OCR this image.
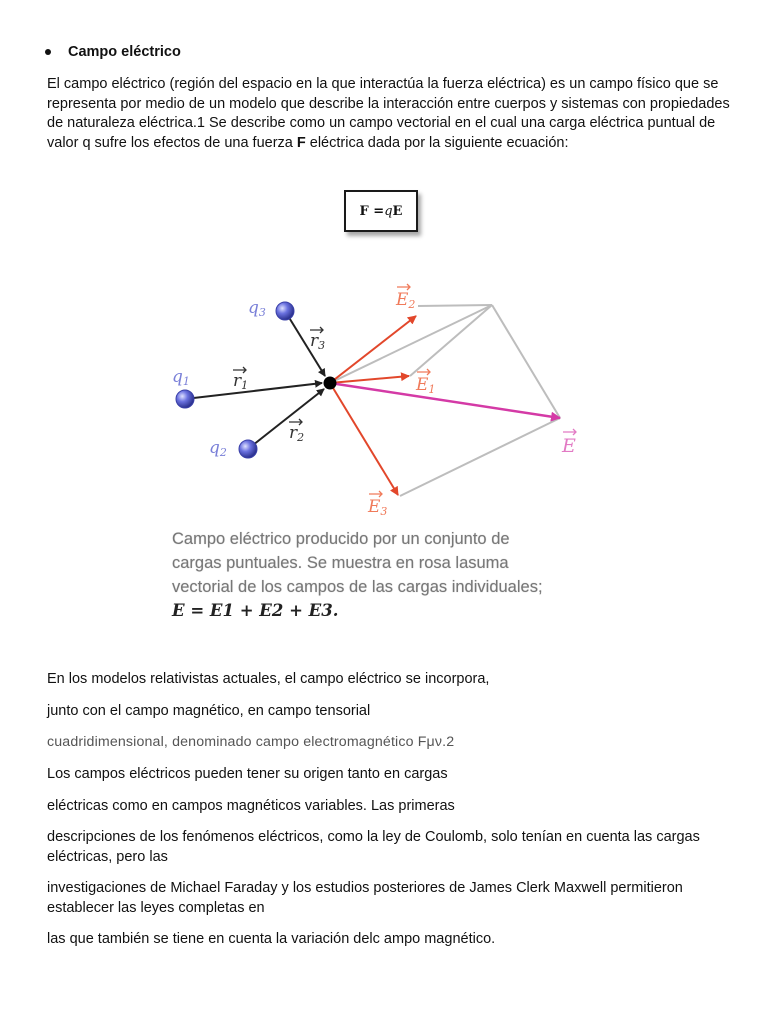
Campo eléctrico
El campo eléctrico (región del espacio en la que interactúa la fuerza eléctrica) es un campo físico que se representa por medio de un modelo que describe la interacción entre cuerpos y sistemas con propiedades de naturaleza eléctrica.1 Se describe como un campo vectorial en el cual una carga eléctrica puntual de valor q sufre los efectos de una fuerza F eléctrica dada por la siguiente ecuación:
F = q E
q1
q2
q3
r1
r2
r3
E1
E2
E3
E
Campo eléctrico producido por un conjunto de
cargas puntuales. Se muestra en rosa lasuma
vectorial de los campos de las cargas individuales;
E = E1 + E2 + E3.
En los modelos relativistas actuales, el campo eléctrico se incorpora,
junto con el campo magnético, en campo tensorial
cuadridimensional, denominado campo electromagnético Fμν.2
Los campos eléctricos pueden tener su origen tanto en cargas
eléctricas como en campos magnéticos variables. Las primeras
descripciones de los fenómenos eléctricos, como la ley de Coulomb, solo tenían en cuenta las cargas eléctricas, pero las
investigaciones de Michael Faraday y los estudios posteriores de James Clerk Maxwell permitieron establecer las leyes completas en
las que también se tiene en cuenta la variación delc ampo magnético.
